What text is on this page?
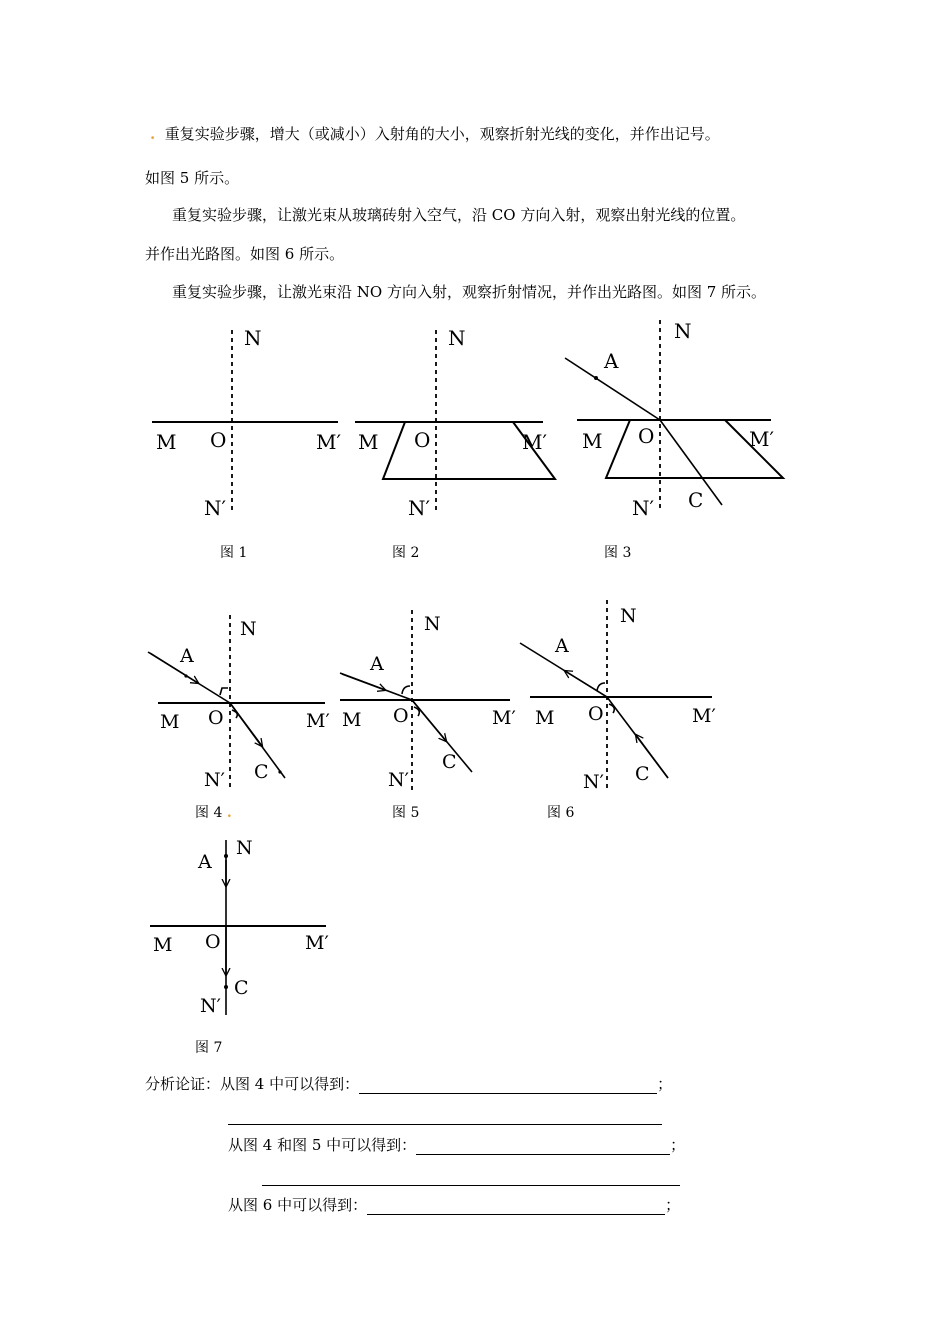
. 重复实验步骤，增大（或减小）入射角的大小，观察折射光线的变化，并作出记号。
如图 5 所示。
重复实验步骤，让激光束从玻璃砖射入空气，沿 CO 方向入射，观察出射光线的位置。
并作出光路图。如图 6 所示。
重复实验步骤，让激光束沿 NO 方向入射，观察折射情况，并作出光路图。如图 7 所示。
N
M O	M′
N′
N
M O	M′
N′
N
A
M O	M′
N′ C
N
A
M O	M′
N′ C
N
A
M O	M′
N′
C
N
A
M O	M′
N′ C
N
A
M O	M′
N′
C
图 1	图 2	图 3
图 4 .	图 5	图 6
图 7
分析论证：从图 4 中可以得到：	；
从图 4 和图 5 中可以得到：	；
从图 6 中可以得到：	；
